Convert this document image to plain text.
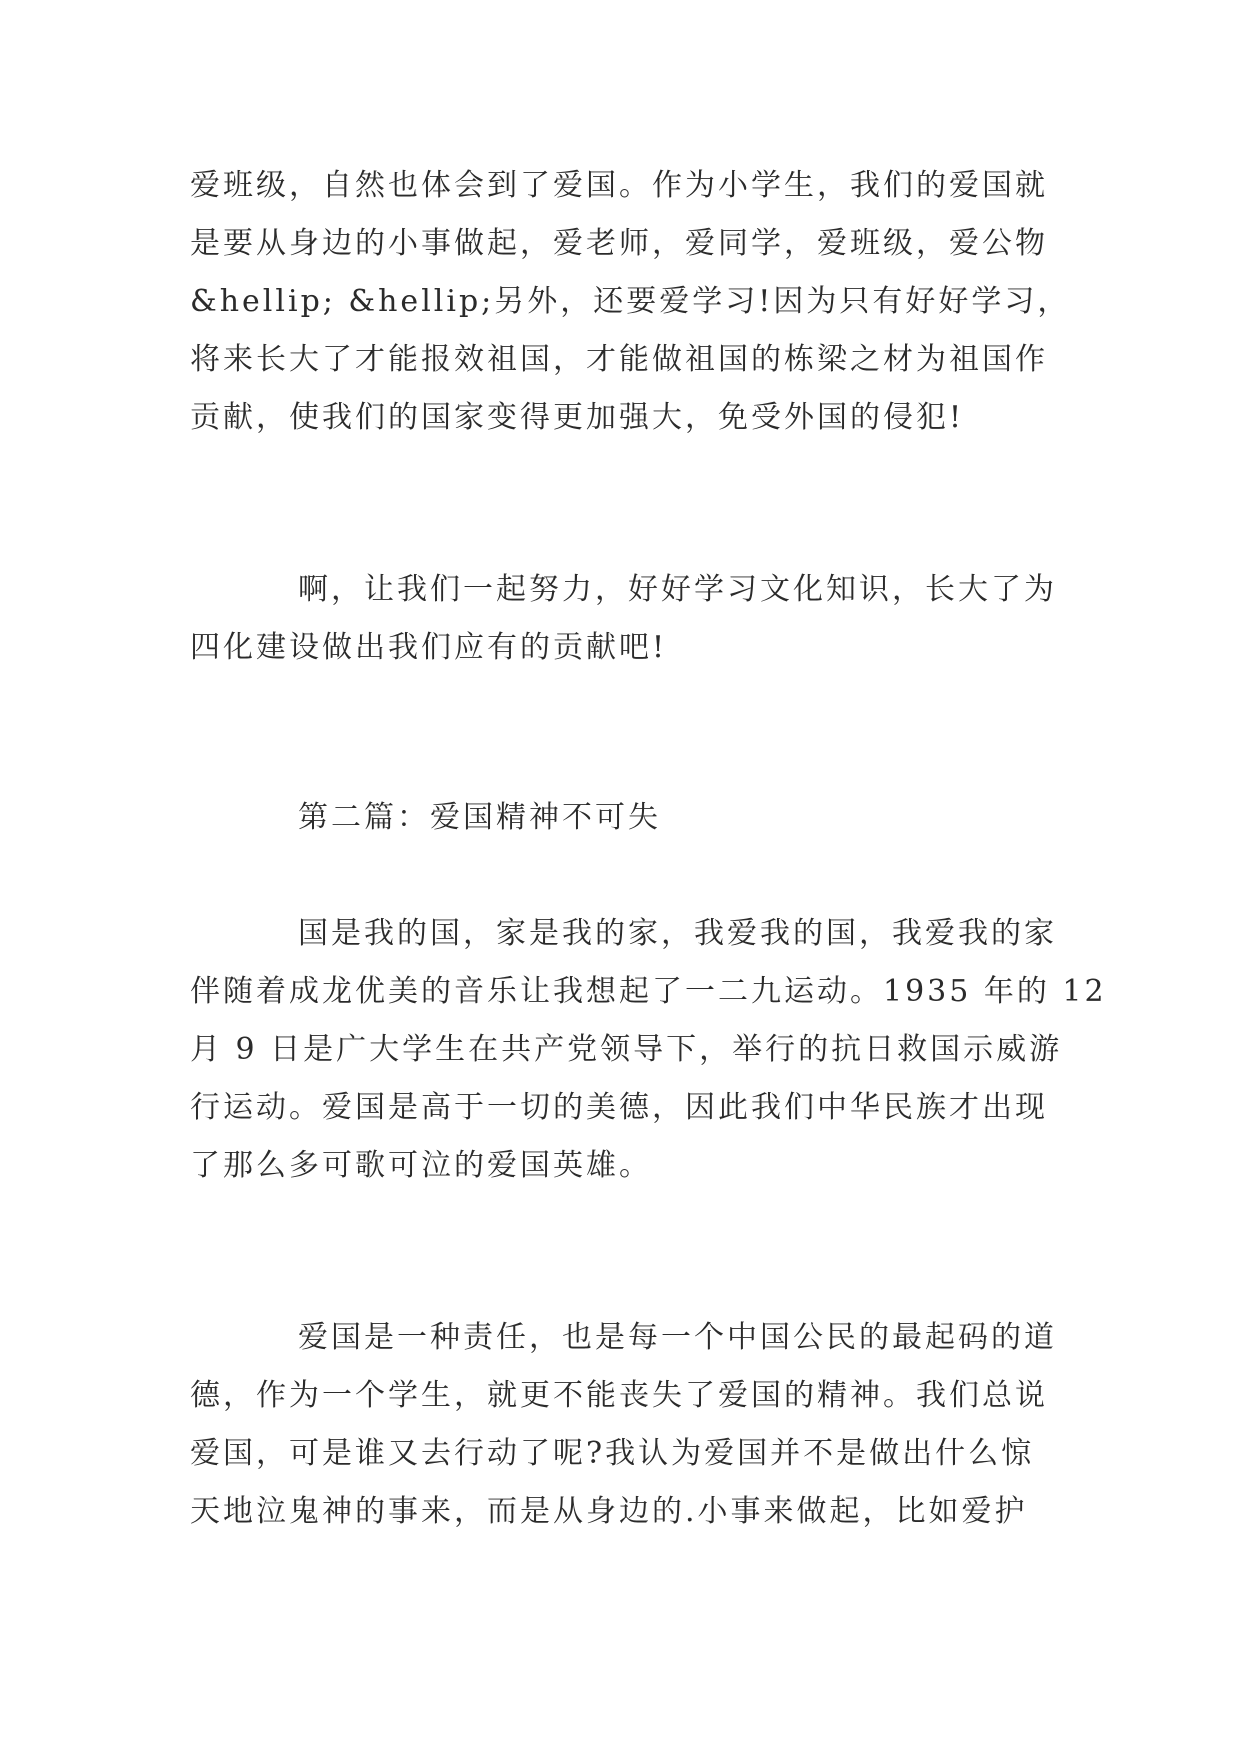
爱班级，自然也体会到了爱国。作为小学生，我们的爱国就
是要从身边的小事做起，爱老师，爱同学，爱班级，爱公物
&hellip; &hellip;另外，还要爱学习!因为只有好好学习，
将来长大了才能报效祖国，才能做祖国的栋梁之材为祖国作
贡献，使我们的国家变得更加强大，免受外国的侵犯!
啊，让我们一起努力，好好学习文化知识，长大了为
四化建设做出我们应有的贡献吧!
第二篇：爱国精神不可失
国是我的国，家是我的家，我爱我的国，我爱我的家
伴随着成龙优美的音乐让我想起了一二九运动。1935 年的 12
月 9 日是广大学生在共产党领导下，举行的抗日救国示威游
行运动。爱国是高于一切的美德，因此我们中华民族才出现
了那么多可歌可泣的爱国英雄。
爱国是一种责任，也是每一个中国公民的最起码的道
德，作为一个学生，就更不能丧失了爱国的精神。我们总说
爱国，可是谁又去行动了呢?我认为爱国并不是做出什么惊
天地泣鬼神的事来，而是从身边的.小事来做起，比如爱护
